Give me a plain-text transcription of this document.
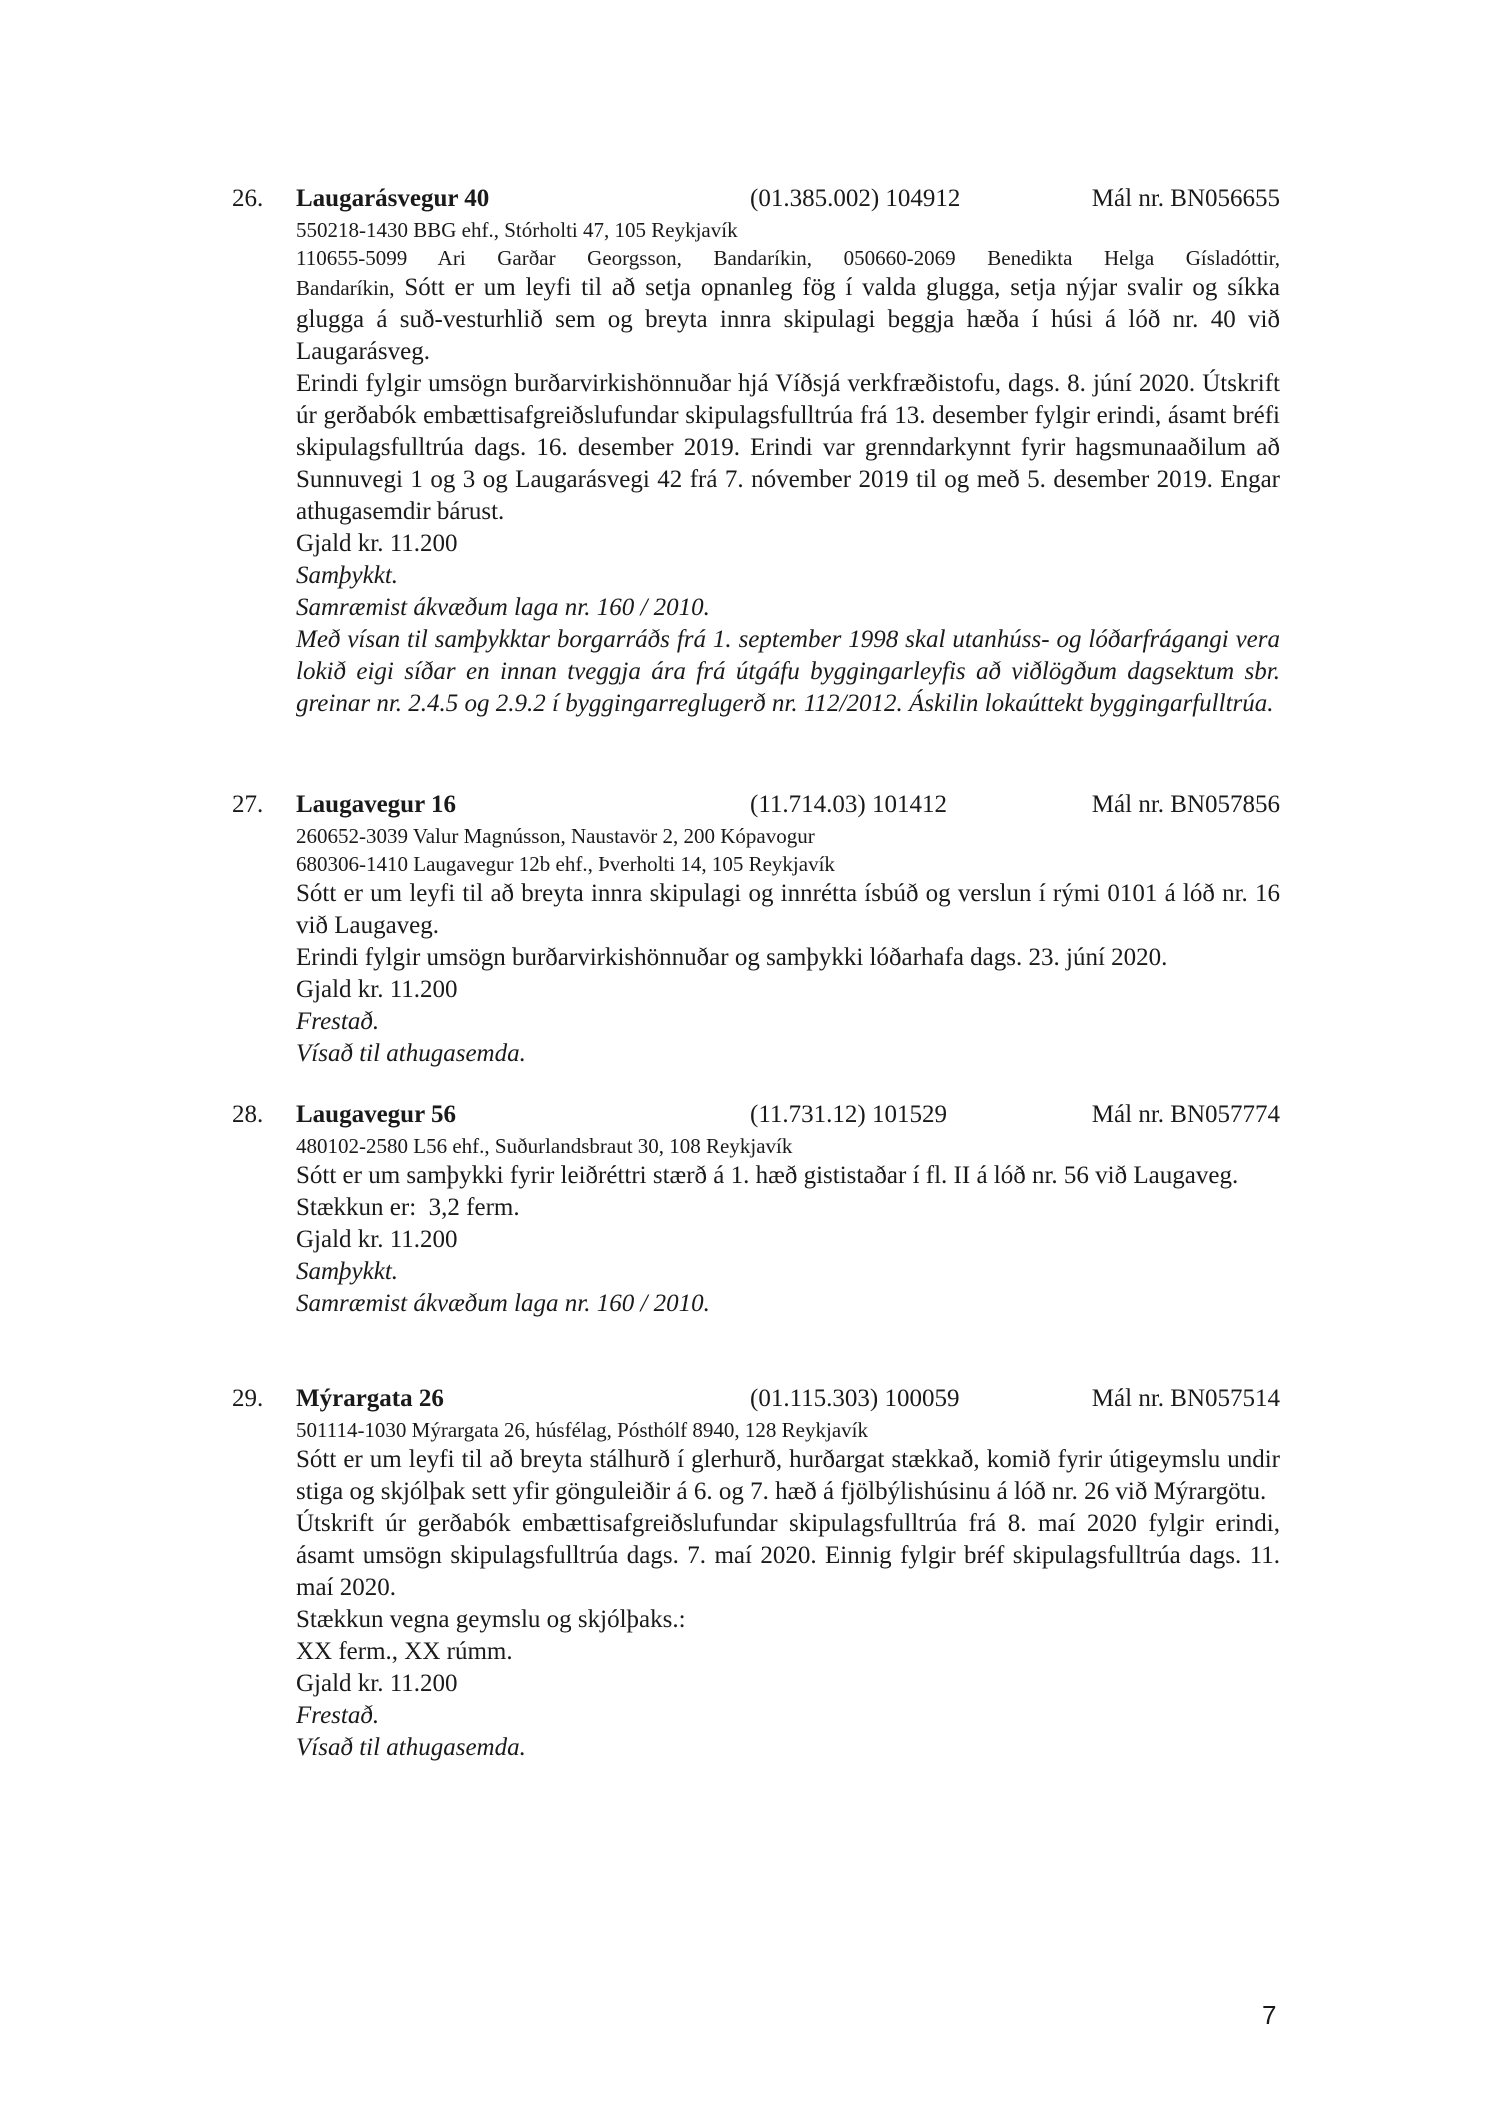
26. Laugarásvegur 40	(01.385.002) 104912	Mál nr. BN056655

550218-1430 BBG ehf., Stórholti 47, 105 Reykjavík

110655-5099 Ari Garðar Georgsson, Bandaríkin, 050660-2069 Benedikta Helga Gísladóttir,

Bandaríkin, Sótt er um leyfi til að setja opnanleg fög í valda glugga, setja nýjar svalir og síkka glugga á suð-vesturhlið sem og breyta innra skipulagi beggja hæða í húsi á lóð nr. 40 við Laugarásveg.

Erindi fylgir umsögn burðarvirkishönnuðar hjá Víðsjá verkfræðistofu, dags. 8. júní 2020. Útskrift úr gerðabók embættisafgreiðslufundar skipulagsfulltrúa frá 13. desember fylgir erindi, ásamt bréfi skipulagsfulltrúa dags. 16. desember 2019. Erindi var grenndarkynnt fyrir hagsmunaaðilum að Sunnuvegi 1 og 3 og Laugarásvegi 42 frá 7. nóvember 2019 til og með 5. desember 2019. Engar athugasemdir bárust.

Gjald kr. 11.200

Samþykkt.

Samræmist ákvæðum laga nr. 160 / 2010.

Með vísan til samþykktar borgarráðs frá 1. september 1998 skal utanhúss- og lóðarfrágangi vera lokið eigi síðar en innan tveggja ára frá útgáfu byggingarleyfis að viðlögðum dagsektum sbr. greinar nr. 2.4.5 og 2.9.2 í byggingarreglugerð nr. 112/2012. Áskilin lokaúttekt byggingarfulltrúa.

27. Laugavegur 16	(11.714.03) 101412	Mál nr. BN057856

260652-3039 Valur Magnússon, Naustavör 2, 200 Kópavogur

680306-1410 Laugavegur 12b ehf., Þverholti 14, 105 Reykjavík

Sótt er um leyfi til að breyta innra skipulagi og innrétta ísbúð og verslun í rými 0101 á lóð nr. 16 við Laugaveg.

Erindi fylgir umsögn burðarvirkishönnuðar og samþykki lóðarhafa dags. 23. júní 2020.

Gjald kr. 11.200

Frestað.

Vísað til athugasemda.

28. Laugavegur 56	(11.731.12) 101529	Mál nr. BN057774

480102-2580 L56 ehf., Suðurlandsbraut 30, 108 Reykjavík

Sótt er um samþykki fyrir leiðréttri stærð á 1. hæð gististaðar í fl. II á lóð nr. 56 við Laugaveg.

Stækkun er:  3,2 ferm.

Gjald kr. 11.200

Samþykkt.

Samræmist ákvæðum laga nr. 160 / 2010.

29. Mýrargata 26	(01.115.303) 100059	Mál nr. BN057514

501114-1030 Mýrargata 26, húsfélag, Pósthólf 8940, 128 Reykjavík

Sótt er um leyfi til að breyta stálhurð í glerhurð, hurðargat stækkað, komið fyrir útigeymslu undir stiga og skjólþak sett yfir gönguleiðir á 6. og 7. hæð á fjölbýlishúsinu á lóð nr. 26 við Mýrargötu.

Útskrift úr gerðabók embættisafgreiðslufundar skipulagsfulltrúa frá 8. maí 2020 fylgir erindi, ásamt umsögn skipulagsfulltrúa dags. 7. maí 2020. Einnig fylgir bréf skipulagsfulltrúa dags. 11. maí 2020.

Stækkun vegna geymslu og skjólþaks.:

XX ferm., XX rúmm.

Gjald kr. 11.200

Frestað.

Vísað til athugasemda.

7
